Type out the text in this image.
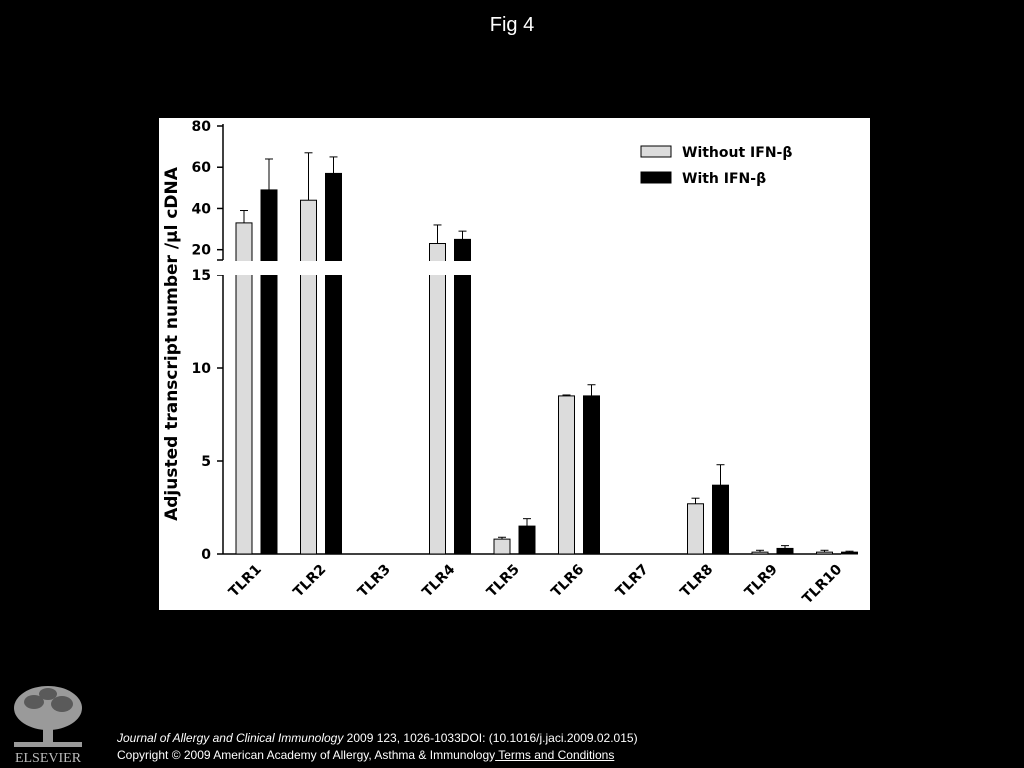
Fig 4
0
5
10
15
20
40
60
80
Adjusted transcript number /µl cDNA
TLR1 TLR2 TLR3 TLR4 TLR5 TLR6 TLR7 TLR8 TLR9 TLR10
Without IFN-β
With IFN-β
ELSEVIER
Journal of Allergy and Clinical Immunology 2009 123, 1026-1033DOI: (10.1016/j.jaci.2009.02.015)
Copyright © 2009 American Academy of Allergy, Asthma & Immunology Terms and Conditions
